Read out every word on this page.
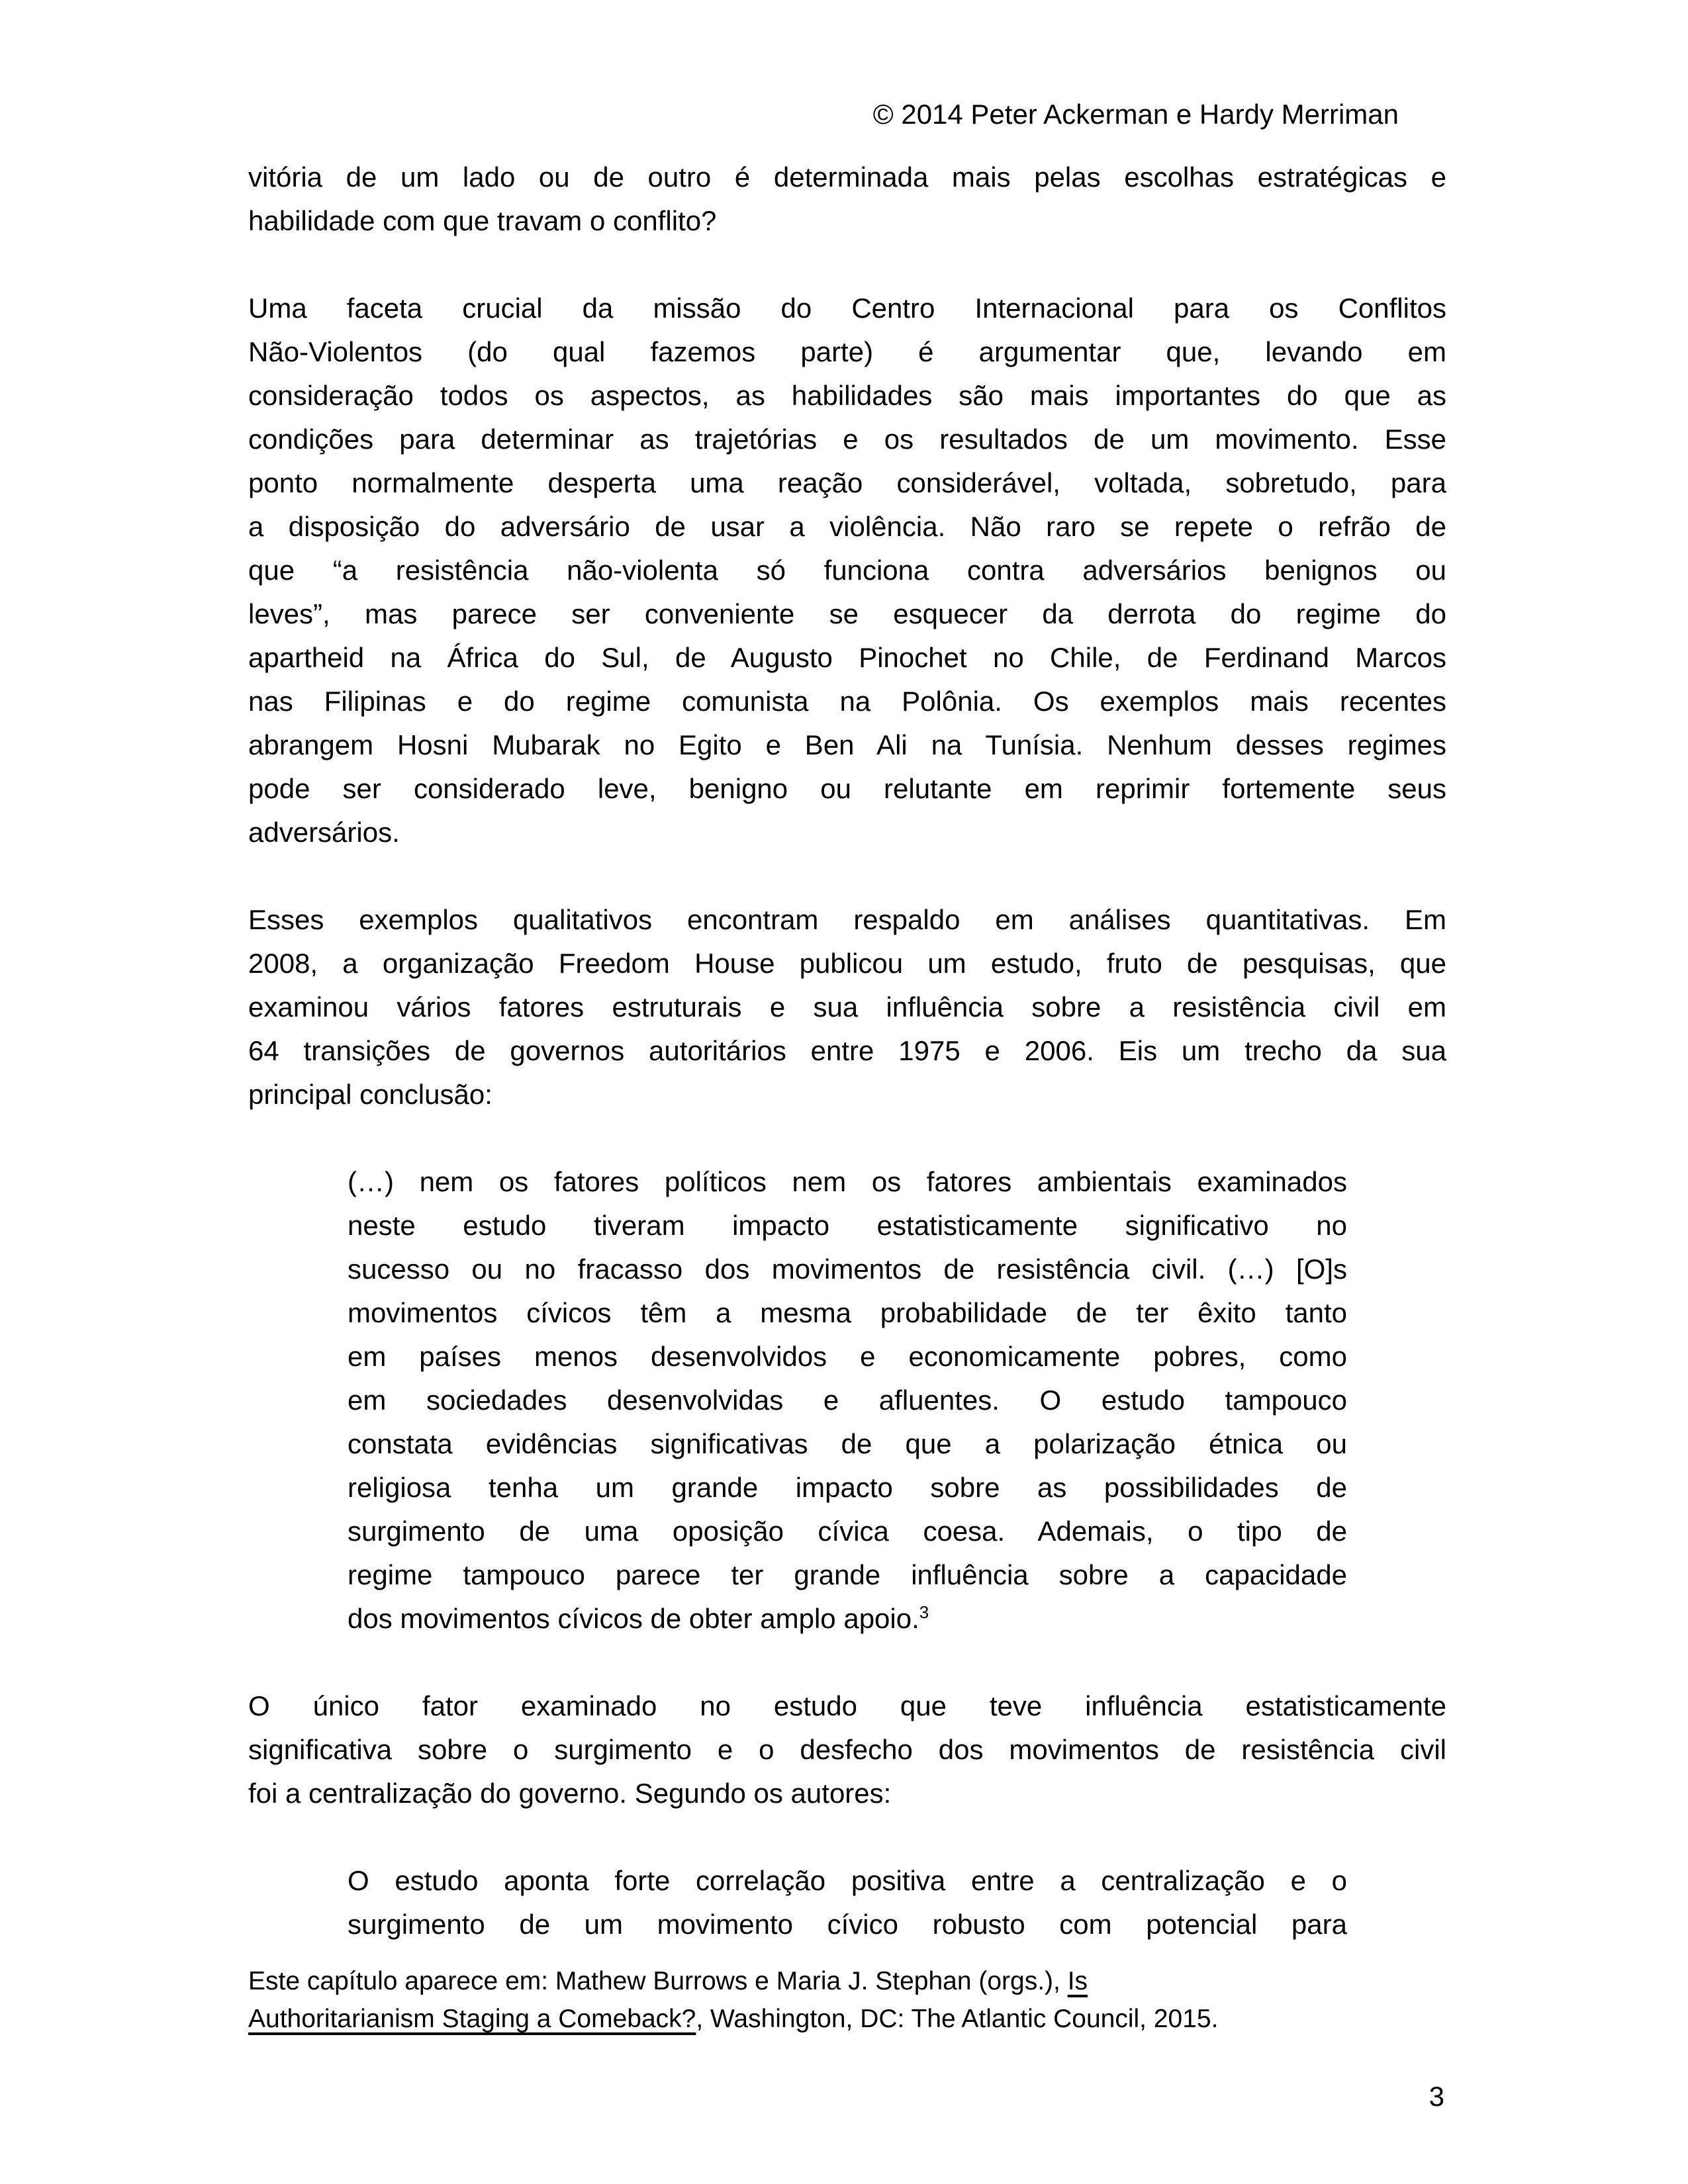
© 2014 Peter Ackerman e Hardy Merriman
vitória de um lado ou de outro é determinada mais pelas escolhas estratégicas e
habilidade com que travam o conflito?
Uma faceta crucial da missão do Centro Internacional para os Conflitos
Não-Violentos (do qual fazemos parte) é argumentar que, levando em
consideração todos os aspectos, as habilidades são mais importantes do que as
condições para determinar as trajetórias e os resultados de um movimento. Esse
ponto normalmente desperta uma reação considerável, voltada, sobretudo, para
a disposição do adversário de usar a violência. Não raro se repete o refrão de
que “a resistência não-violenta só funciona contra adversários benignos ou
leves”, mas parece ser conveniente se esquecer da derrota do regime do
apartheid na África do Sul, de Augusto Pinochet no Chile, de Ferdinand Marcos
nas Filipinas e do regime comunista na Polônia. Os exemplos mais recentes
abrangem Hosni Mubarak no Egito e Ben Ali na Tunísia. Nenhum desses regimes
pode ser considerado leve, benigno ou relutante em reprimir fortemente seus
adversários.
Esses exemplos qualitativos encontram respaldo em análises quantitativas. Em
2008, a organização Freedom House publicou um estudo, fruto de pesquisas, que
examinou vários fatores estruturais e sua influência sobre a resistência civil em
64 transições de governos autoritários entre 1975 e 2006. Eis um trecho da sua
principal conclusão:
(…) nem os fatores políticos nem os fatores ambientais examinados
neste estudo tiveram impacto estatisticamente significativo no
sucesso ou no fracasso dos movimentos de resistência civil. (…) [O]s
movimentos cívicos têm a mesma probabilidade de ter êxito tanto
em países menos desenvolvidos e economicamente pobres, como
em sociedades desenvolvidas e afluentes. O estudo tampouco
constata evidências significativas de que a polarização étnica ou
religiosa tenha um grande impacto sobre as possibilidades de
surgimento de uma oposição cívica coesa. Ademais, o tipo de
regime tampouco parece ter grande influência sobre a capacidade
dos movimentos cívicos de obter amplo apoio.$^3$
O único fator examinado no estudo que teve influência estatisticamente
significativa sobre o surgimento e o desfecho dos movimentos de resistência civil
foi a centralização do governo. Segundo os autores:
O estudo aponta forte correlação positiva entre a centralização e o
surgimento de um movimento cívico robusto com potencial para
Este capítulo aparece em: Mathew Burrows e Maria J. Stephan (orgs.), Is
Authoritarianism Staging a Comeback?, Washington, DC: The Atlantic Council, 2015.
3
